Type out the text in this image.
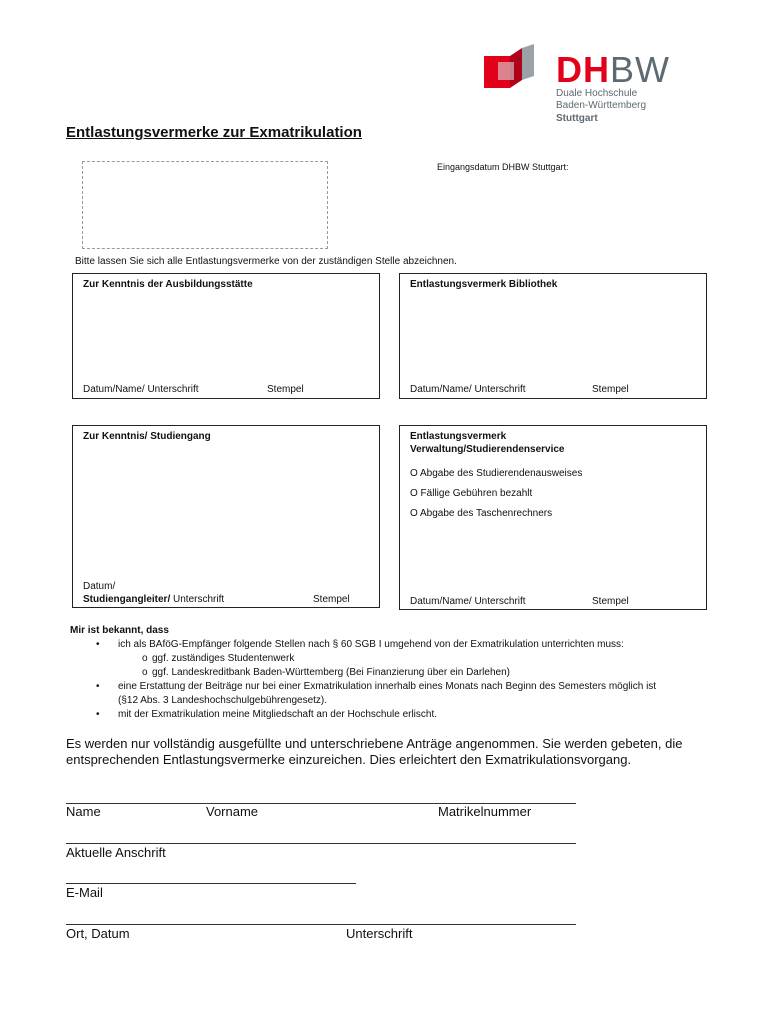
DHBW
Duale Hochschule
Baden-Württemberg
Stuttgart
Entlastungsvermerke zur Exmatrikulation
Eingangsdatum DHBW Stuttgart:
Bitte lassen Sie sich alle Entlastungsvermerke von der zuständigen Stelle abzeichnen.
Zur Kenntnis der Ausbildungsstätte
Datum/Name/ Unterschrift	Stempel
Entlastungsvermerk Bibliothek
Datum/Name/ Unterschrift	Stempel
Zur Kenntnis/ Studiengang
Datum/
Studiengangleiter/ Unterschrift	Stempel
Entlastungsvermerk
Verwaltung/Studierendenservice
O Abgabe des Studierendenausweises
O Fällige Gebühren bezahlt
O Abgabe des Taschenrechners
Datum/Name/ Unterschrift	Stempel
Mir ist bekannt, dass
• ich als BAföG-Empfänger folgende Stellen nach § 60 SGB I umgehend von der Exmatrikulation unterrichten muss:
o ggf. zuständiges Studentenwerk
o ggf. Landeskreditbank Baden-Württemberg (Bei Finanzierung über ein Darlehen)
• eine Erstattung der Beiträge nur bei einer Exmatrikulation innerhalb eines Monats nach Beginn des Semesters möglich ist
(§12 Abs. 3 Landeshochschulgebührengesetz).
• mit der Exmatrikulation meine Mitgliedschaft an der Hochschule erlischt.
Es werden nur vollständig ausgefüllte und unterschriebene Anträge angenommen. Sie werden gebeten, die
entsprechenden Entlastungsvermerke einzureichen. Dies erleichtert den Exmatrikulationsvorgang.
Name	Vorname	Matrikelnummer
Aktuelle Anschrift
E-Mail
Ort, Datum	Unterschrift
